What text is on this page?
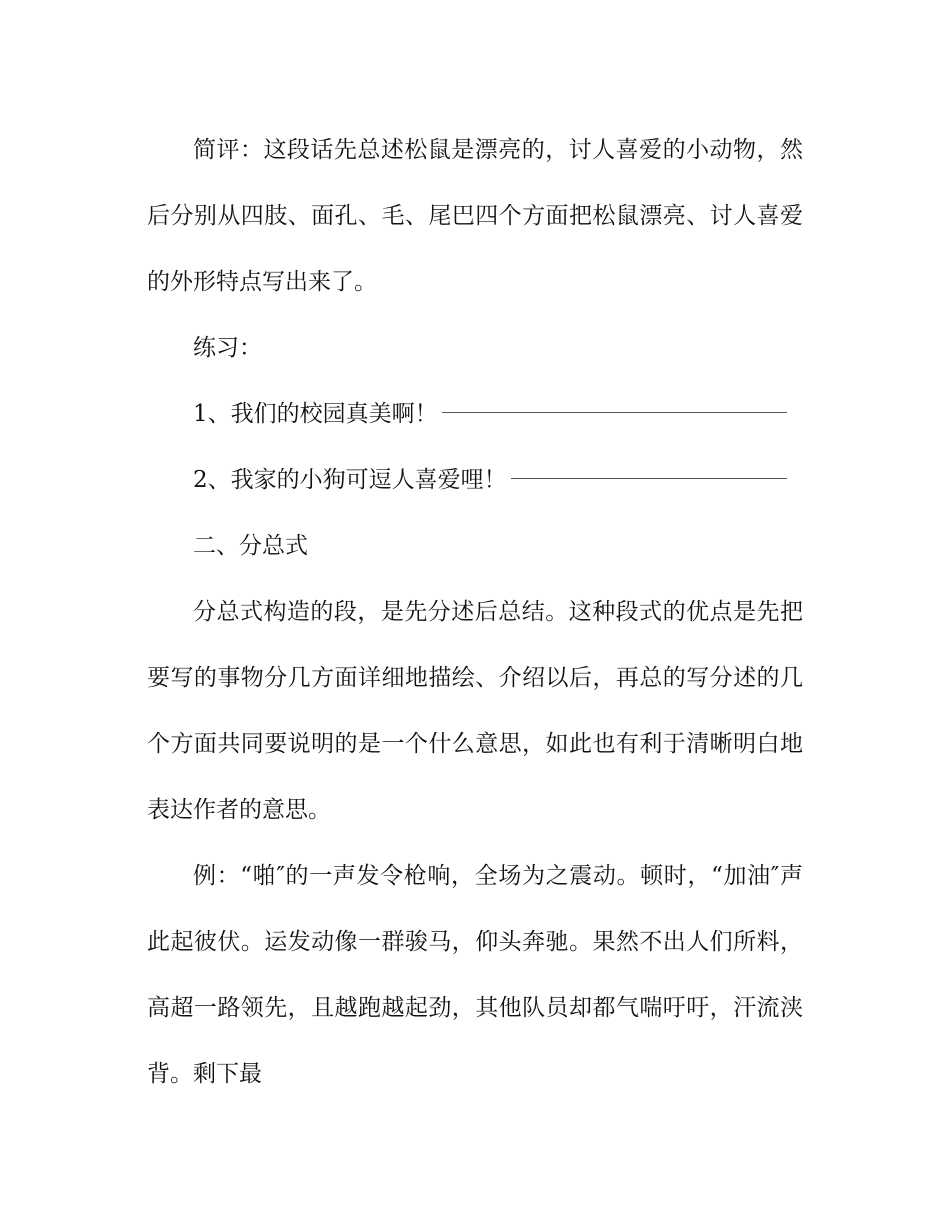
简评：这段话先总述松鼠是漂亮的，讨人喜爱的小动物，然后分别从四肢、面孔、毛、尾巴四个方面把松鼠漂亮、讨人喜爱的外形特点写出来了。

练习：

1、我们的校园真美啊！
2、我家的小狗可逗人喜爱哩！

二、分总式

分总式构造的段，是先分述后总结。这种段式的优点是先把要写的事物分几方面详细地描绘、介绍以后，再总的写分述的几个方面共同要说明的是一个什么意思，如此也有利于清晰明白地表达作者的意思。

例：“啪″的一声发令枪响，全场为之震动。顿时，“加油″声此起彼伏。运发动像一群骏马，仰头奔驰。果然不出人们所料，高超一路领先，且越跑越起劲，其他队员却都气喘吁吁，汗流浃背。剩下最
